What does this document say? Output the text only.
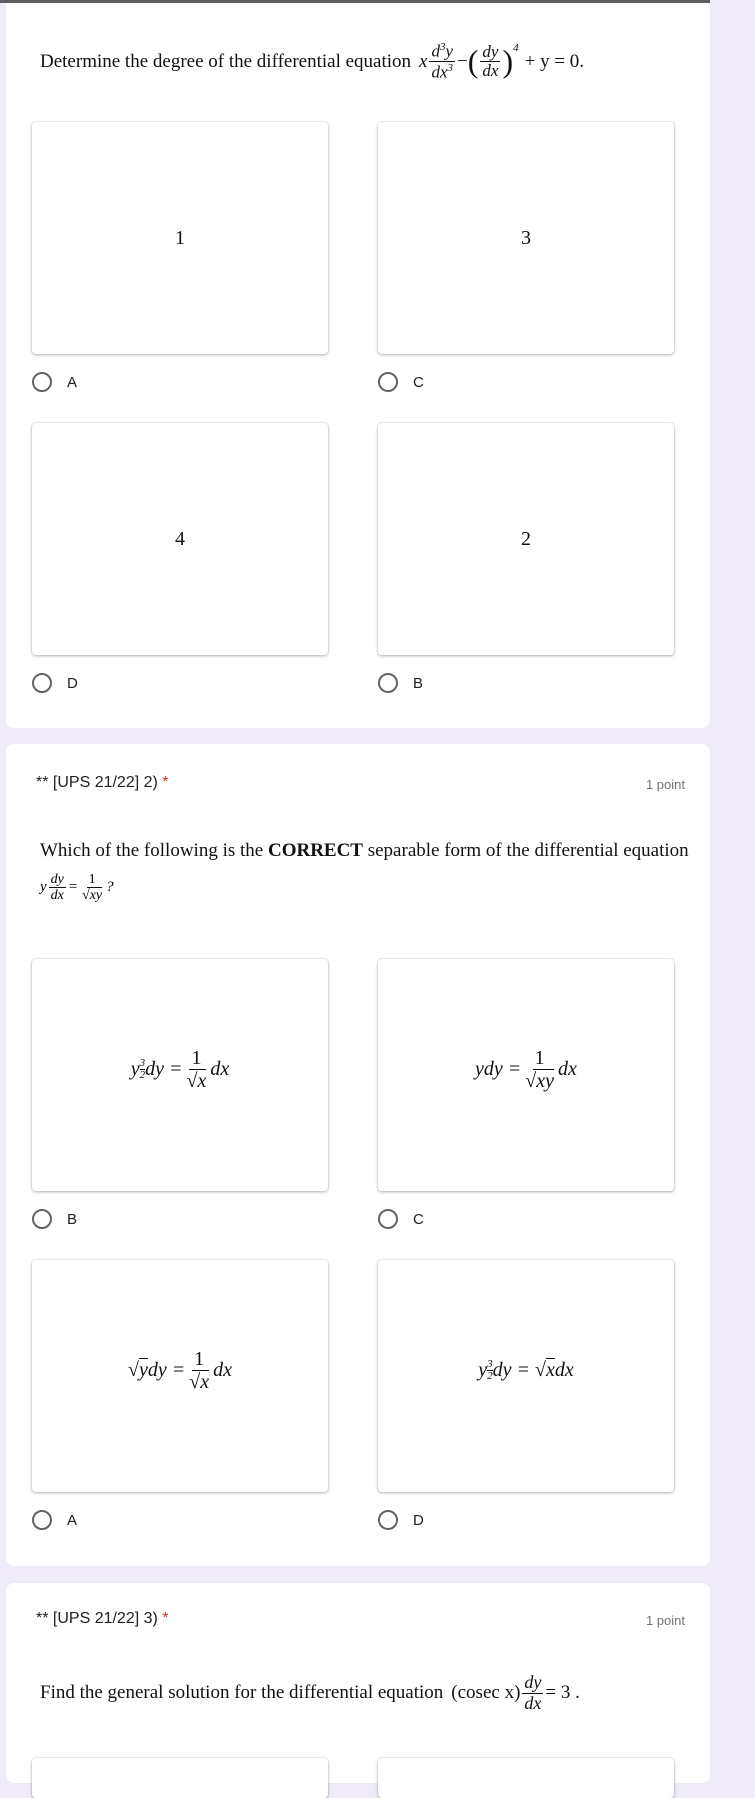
Determine the degree of the differential equation x $\frac{d^3y}{dx^3}$ − ( $\frac{dy}{dx}$ ) 4
+ y = 0.
1	3
A	C
4	2
D	B
** [UPS 21/22] 2) *	1 point
Which of the following is the CORRECT separable form of the differential equation
y $\frac{dy}{dx} = \frac{1}{√xy}$ ?
y 3
2 dy = $\frac{1}{√x}$ dx	ydy = $\frac{1}{√xy}$ dx
B	C
√ y dy = $\frac{1}{√x}$ dx	y 3
2 dy = √ x dx
A	D
** [UPS 21/22] 3) *	1 point
Find the general solution for the differential equation (cosec $x) \frac{dy}{dx} = 3$ .
